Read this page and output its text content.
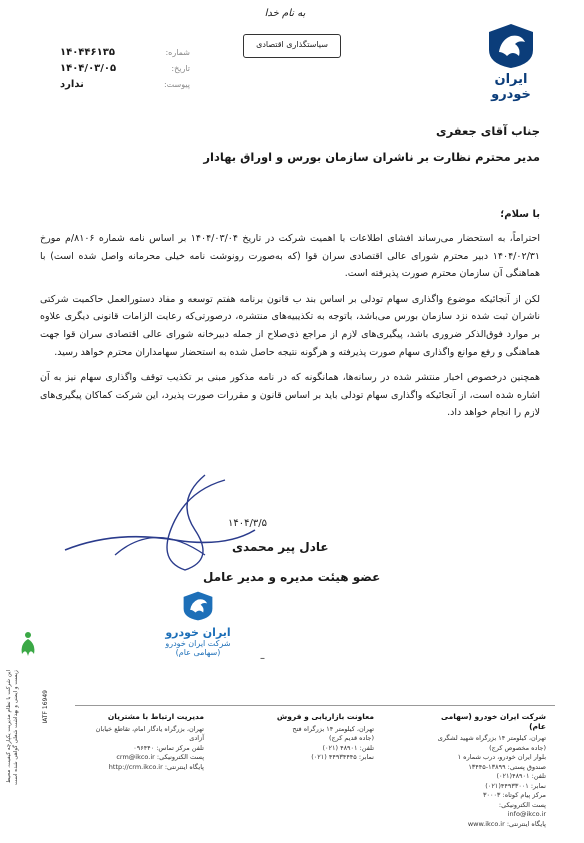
ایران خودرو
به نام خدا
سیاستگذاری اقتصادی
شماره:
۱۴۰۴۴۶۱۳۵
تاریخ:
۱۴۰۴/۰۳/۰۵
پیوست:
ندارد
جناب آقای جعفری
مدیر محترم نظارت بر ناشران سازمان بورس و اوراق بهادار
با سلام؛

احتراماً، به استحضار می‌رساند افشای اطلاعات با اهمیت شرکت در تاریخ ۱۴۰۴/۰۳/۰۴ بر اساس نامه شماره ۸۱۰۶/م مورخ ۱۴۰۴/۰۲/۳۱ دبیر محترم شورای عالی اقتصادی سران قوا (که به‌صورت رونوشت نامه خیلی محرمانه واصل شده است) با هماهنگی آن سازمان محترم صورت پذیرفته است.

لکن از آنجائیکه موضوع واگذاری سهام تودلی بر اساس بند ب قانون برنامه هفتم توسعه و مفاد دستورالعمل حاکمیت شرکتی ناشران ثبت شده نزد سازمان بورس می‌باشد، باتوجه به تکذیبیه‌های منتشره، درصورتی‌که رعایت الزامات قانونی دیگری علاوه بر موارد فوق‌الذکر ضروری باشد، پیگیری‌های لازم از مراجع ذی‌صلاح از جمله دبیرخانه شورای عالی اقتصادی سران قوا جهت هماهنگی و رفع موانع واگذاری سهام صورت پذیرفته و هرگونه نتیجه حاصل شده به استحضار سهامداران محترم خواهد رسید.

همچنین درخصوص اخبار منتشر شده در رسانه‌ها، همانگونه که در نامه مذکور مبنی بر تکذیب توقف واگذاری سهام نیز به آن اشاره شده است، از آنجائیکه واگذاری سهام تودلی باید بر اساس قانون و مقررات صورت پذیرد، این شرکت کماکان پیگیری‌های لازم را انجام خواهد داد.

۱۴۰۴/۳/۵
عادل پیر محمدی
عضو هیئت مدیره و مدیر عامل
ایران خودرو
شرکت ایران خودرو
(سهامی عام)
–
این شرکت با نظام مدیریت یکپارچه کیفیت، محیط زیست و ایمنی و بهداشت شغلی گواهی شده است	IATF 16949	شرکت ایران خودرو (سهامی عام)
تهران، کیلومتر ۱۴ بزرگراه شهید لشگری
(جاده مخصوص کرج)
بلوار ایران خودرو، درب شماره ۱
صندوق پستی: ۱۳۸۹۹-۱۳۴۴۵
تلفن: ۴۸۹۰۱(۰۲۱)
نمابر: ۴۴۹۳۳۰۰۱(۰۲۱)
مرکز پیام کوتاه: ۳۰۰۰۳
پست الکترونیکی:
info@ikco.ir
پایگاه اینترنتی: www.ikco.ir
معاونت بازاریابی و فروش
تهران، کیلومتر ۱۴ بزرگراه فتح
(جاده قدیم کرج)
تلفن: ۴۸۹۰۱ (۰۲۱)
نمابر: ۴۴۹۳۴۴۴۵ (۰۲۱)
مدیریت ارتباط با مشتریان
تهران، بزرگراه یادگار امام، تقاطع خیابان آزادی
تلفن مرکز تماس: ۰۹۶۴۴۰
پست الکترونیکی: crm@ikco.ir
پایگاه اینترنتی: http://crm.ikco.ir
